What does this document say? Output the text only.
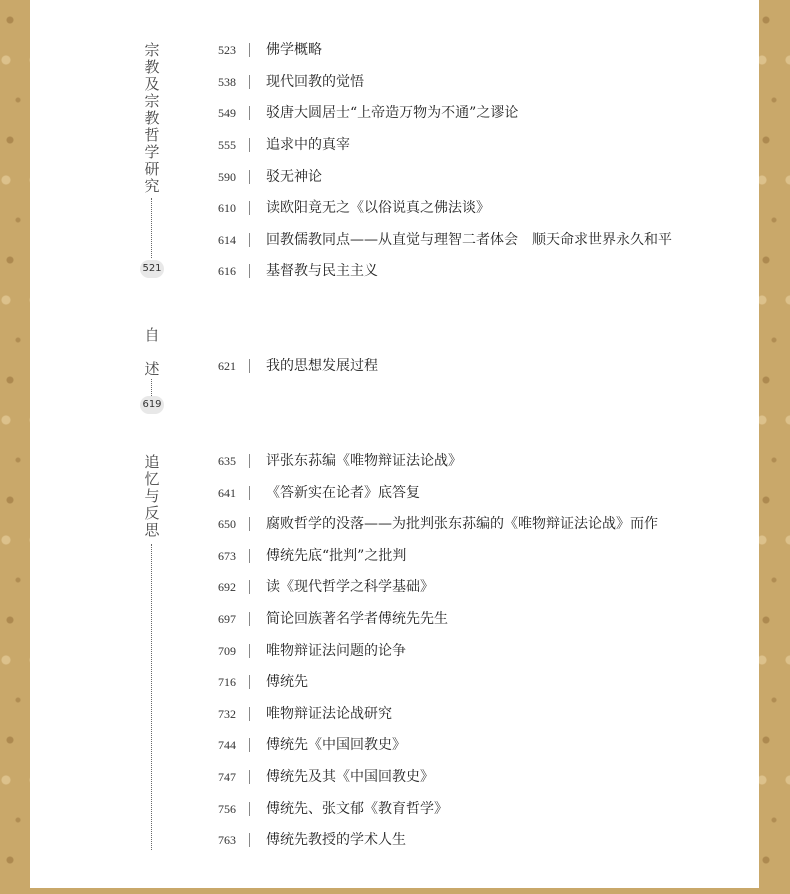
宗
教
及
宗
教
哲
学
研
究
521
523 佛学概略
538 现代回教的觉悟
549 驳唐大圆居士“上帝造万物为不通”之谬论
555 追求中的真宰
590 驳无神论
610 读欧阳竟无之《以俗说真之佛法谈》
614 回教儒教同点——从直觉与理智二者体会　顺天命求世界永久和平
616 基督教与民主主义
自
述
619
621 我的思想发展过程
追
忆
与
反
思
635 评张东荪编《唯物辩证法论战》
641 《答新实在论者》底答复
650 腐败哲学的没落——为批判张东荪编的《唯物辩证法论战》而作
673 傅统先底“批判”之批判
692 读《现代哲学之科学基础》
697 简论回族著名学者傅统先先生
709 唯物辩证法问题的论争
716 傅统先
732 唯物辩证法论战研究
744 傅统先《中国回教史》
747 傅统先及其《中国回教史》
756 傅统先、张文郁《教育哲学》
763 傅统先教授的学术人生
